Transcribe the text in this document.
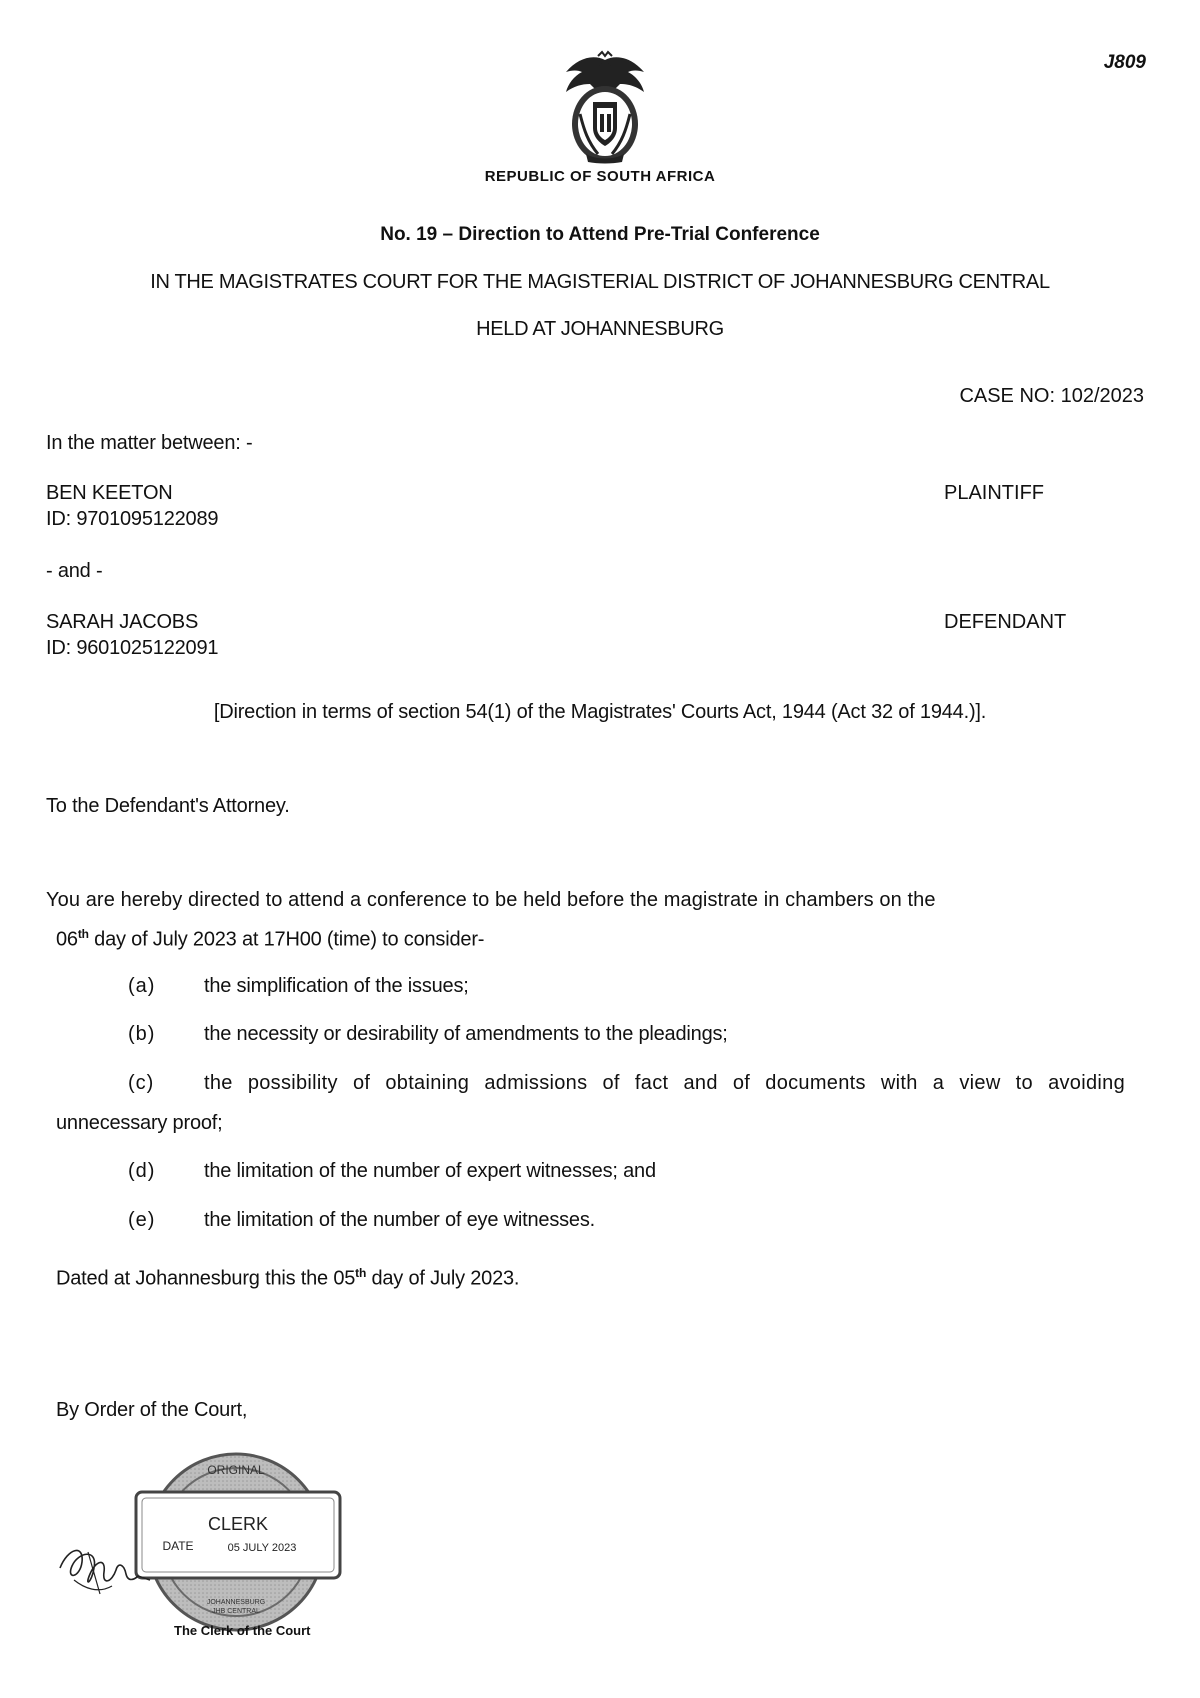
J809
REPUBLIC OF SOUTH AFRICA
No. 19 – Direction to Attend Pre-Trial Conference
IN THE MAGISTRATES COURT FOR THE MAGISTERIAL DISTRICT OF JOHANNESBURG CENTRAL
HELD AT JOHANNESBURG
CASE NO: 102/2023
In the matter between: -
BEN KEETON
ID: 9701095122089
PLAINTIFF
- and -
SARAH JACOBS
ID: 9601025122091
DEFENDANT
[Direction in terms of section 54(1) of the Magistrates' Courts Act, 1944 (Act 32 of 1944.)].
To the Defendant's Attorney.
You are hereby directed to attend a conference to be held before the magistrate in chambers on the
06th day of July 2023 at 17H00 (time) to consider-
(a) the simplification of the issues;
(b) the necessity or desirability of amendments to the pleadings;
(c) the possibility of obtaining admissions of fact and of documents with a view to avoiding
unnecessary proof;
(d) the limitation of the number of expert witnesses; and
(e) the limitation of the number of eye witnesses.
Dated at Johannesburg this the 05th day of July 2023.
By Order of the Court,
ORIGINAL
JOHANNESBURG
JHB CENTRAL
CLERK
DATE	05 JULY 2023
The Clerk of the Court
